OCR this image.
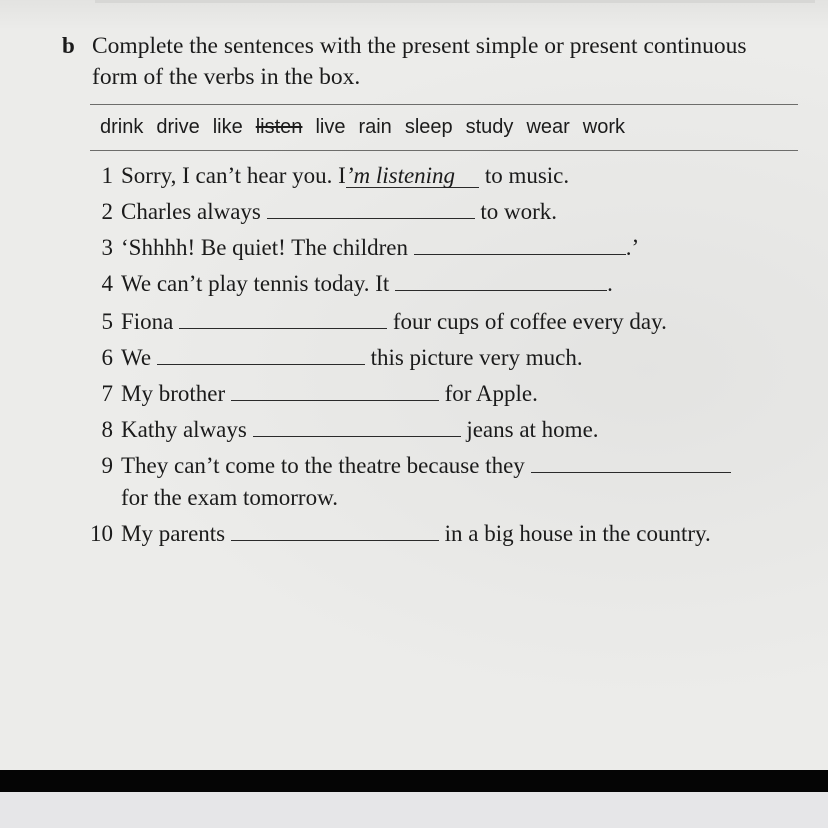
b Complete the sentences with the present simple or present continuous form of the verbs in the box.
drink drive like listen live rain sleep study wear work
1 Sorry, I can’t hear you. I’m listening to music.
2 Charles always	to work.
3 ‘Shhhh! Be quiet! The children	.’
4 We can’t play tennis today. It	.
5 Fiona	four cups of coffee every day.
6 We	this picture very much.
7 My brother	for Apple.
8 Kathy always	jeans at home.
9 They can’t come to the theatre because they
for the exam tomorrow.
10 My parents	in a big house in the country.
